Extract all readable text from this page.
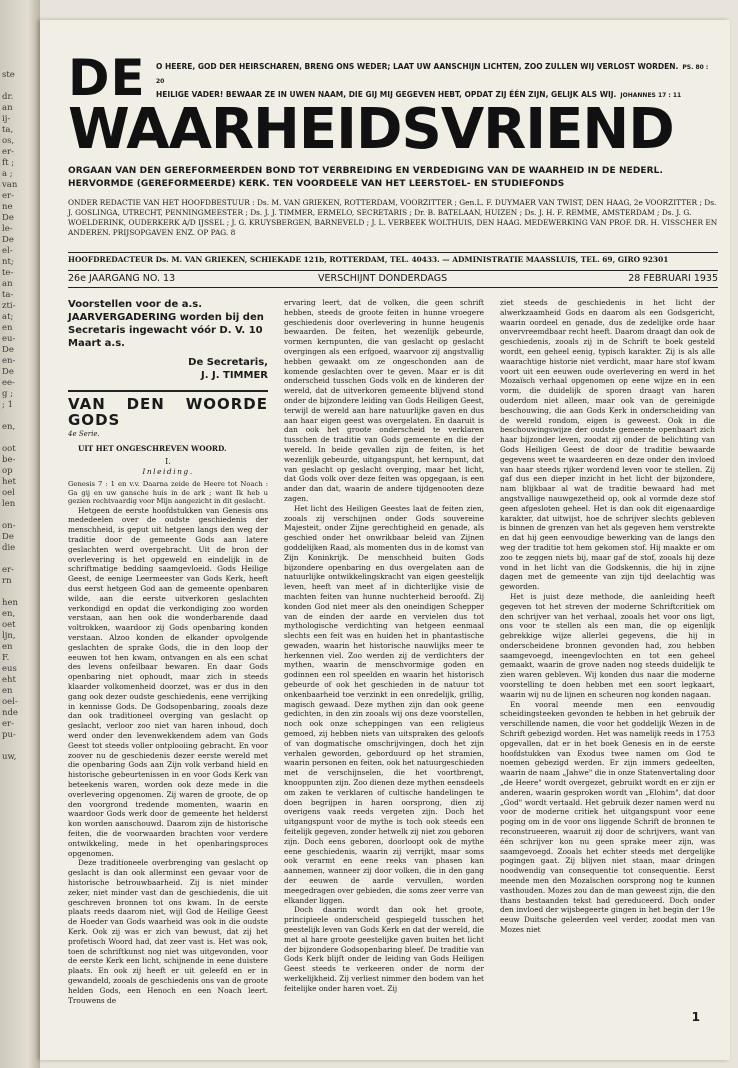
ste

dr.
an
ij-
ta,
os,
er-
ft ;
a ;
van
er-
ne
De
le-
De
el-
nt;
te-
an
ta-
zti-
at;
en
eu-
De
en-
De
ee-
g ;
; 1

en,

oot
be-
op
het
oel
len

on-
De
die

er-
rn

hen
en,
oet
ljn,
en
F.
eus
eht
en
oel-
nde
er-
pu-

uw,
DE O HEERE, GOD DER HEIRSCHAREN, BRENG ONS WEDER; LAAT UW AANSCHIJN LICHTEN, ZOO ZULLEN WIJ VERLOST WORDEN. PS. 80 : 20
HEILIGE VADER! BEWAAR ZE IN UWEN NAAM, DIE GIJ MIJ GEGEVEN HEBT, OPDAT ZIJ ÉÉN ZIJN, GELIJK ALS WIJ. JOHANNES 17 : 11
WAARHEIDSVRIEND
ORGAAN VAN DEN GEREFORMEERDEN BOND TOT VERBREIDING EN VERDEDIGING VAN DE WAARHEID IN DE NEDERL. HERVORMDE (GEREFORMEERDE) KERK. TEN VOORDEELE VAN HET LEERSTOEL- EN STUDIEFONDS
ONDER REDACTIE VAN HET HOOFDBESTUUR : Ds. M. VAN GRIEKEN, ROTTERDAM, VOORZITTER ; Gen.L. F. DUYMAER VAN TWIST, DEN HAAG, 2e VOORZITTER ; Ds. J. GOSLINGA, UTRECHT, PENNINGMEESTER ; Ds. J. J. TIMMER, ERMELO, SECRETARIS ; Dr. B. BATELAAN, HUIZEN ; Ds. J. H. F. REMME, AMSTERDAM ; Ds. J. G. WOELDERINK, OUDERKERK A/D IJSSEL ; J. G. KRUYSBERGEN, BARNEVELD ; J. L. VERBEEK WOLTHUIS, DEN HAAG. MEDEWERKING VAN PROF. DR. H. VISSCHER EN ANDEREN. PRIJSOPGAVEN ENZ. OP PAG. 8
HOOFDREDACTEUR Ds. M. VAN GRIEKEN, SCHIEKADE 121b, ROTTERDAM, TEL. 40433. — ADMINISTRATIE MAASSLUIS, TEL. 69, GIRO 92301
26e JAARGANG NO. 13	VERSCHIJNT DONDERDAGS	28 FEBRUARI 1935

Voorstellen voor de a.s. JAARVERGADERING worden bij den Secretaris ingewacht vóór D. V. 10 Maart a.s.

De Secretaris,
J. J. TIMMER
VAN DEN WOORDE GODS
4e Serie.
UIT HET ONGESCHREVEN WOORD.
I.
Inleiding.

Genesis 7 : 1 en v.v. Daarna zeide de Heere tot Noach : Ga gij en uw gansche huis in de ark ; want Ik heb u gezien rechtvaardig voor Mijn aangezicht in dit geslacht.

Hetgeen de eerste hoofdstukken van Genesis ons mededeelen over de oudste geschiedenis der menschheid, is geput uit hetgeen langs den weg der traditie door de gemeente Gods aan latere geslachten werd overgebracht. Uit de bron der overlevering is het opgeweld en eindelijk in de schriftmatige bedding saamgevloeid. Gods Heilige Geest, de eenige Leermeester van Gods Kerk, heeft dus eerst hetgeen God aan de gemeente openbaren wilde, aan die eerste uitverkoren geslachten verkondigd en opdat die verkondiging zoo worden verstaan, aan hen ook die wonderbarende daad voltrokken, waardoor zij Gods openbaring konden verstaan. Alzoo konden de elkander opvolgende geslachten de sprake Gods, die in den loop der eeuwen tot hen kwam, ontvangen en als een schat des levens onfeilbaar bewaren. En daar Gods openbaring niet ophoudt, maar zich in steeds klaarder volkomenheid doorzet, was er dus in den gang ook dezer oudste geschiedenis, eene verrijking in kennisse Gods. De Godsopenbaring, zooals deze dan ook traditioneel overging van geslacht op geslacht, verloor zoo niet van haren inhoud, doch werd onder den levenwekkendem adem van Gods Geest tot steeds voller ontplooiing gebracht. En voor zoover nu de geschiedenis dezer eerste wereld met die openbaring Gods aan Zijn volk verband hield en historische gebeurtenissen in en voor Gods Kerk van beteekenis waren, worden ook deze mede in die overlevering opgenomen. Zij waren de groote, de op den voorgrond tredende momenten, waarin en waardoor Gods werk door de gemeente het helderst kon worden aanschouwd. Daarom zijn de historische feiten, die de voorwaarden brachten voor verdere ontwikkeling, mede in het openbaringsproces opgenomen.

Deze traditioneele overbrenging van geslacht op geslacht is dan ook allerminst een gevaar voor de historische betrouwbaarheid. Zij is niet minder zeker, niet minder vast dan de geschiedenis, die uit geschreven bronnen tot ons kwam. In de eerste plaats reeds daarom niet, wijl God de Heilige Geest de Hoeder van Gods waarheid was ook in die oudste Kerk. Ook zij was er zich van bewust, dat zij het profetisch Woord had, dat zeer vast is. Het was ook, toen de schriftkunst nog niet was uitgevonden, voor de eerste Kerk een licht, schijnende in eene duistere plaats. En ook zij heeft er uit geleefd en er in gewandeld, zooals de geschiedenis ons van de groote helden Gods, een Henoch en een Noach leert. Trouwens de

ervaring leert, dat de volken, die geen schrift hebben, steeds de groote feiten in hunne vroegere geschiedenis door overlevering in hunne heugenis bewaarden. De feiten, het wezenlijk gebeurde, vormen kernpunten, die van geslacht op geslacht overgingen als een erfgoed, waarvoor zij angstvallig hebben gewaakt om ze ongeschonden aan de komende geslachten over te geven. Maar er is dit onderscheid tusschen Gods volk en de kinderen der wereld, dat de uitverkoren gemeente blijvend stond onder de bijzondere leiding van Gods Heiligen Geest, terwijl de wereld aan hare natuurlijke gaven en dus aan haar eigen geest was overgelaten. En daaruit is dan ook het groote onderscheid te verklaren tusschen de traditie van Gods gemeente en die der wereld. In beide gevallen zijn de feiten, is het wezenlijk gebeurde, uitgangspunt, het kernpunt, dat van geslacht op geslacht overging, maar het licht, dat Gods volk over deze feiten was opgegaan, is een ander dan dat, waarin de andere tijdgenooten deze zagen.

Het licht des Heiligen Geestes laat de feiten zien, zooals zij verschijnen onder Gods souvereine Majesteit, onder Zijne gerechtigheid en genade, als geschied onder het onwrikbaar beleid van Zijnen goddelijken Raad, als momenten dus in de komst van Zijn Koninkrijk. De menschheid buiten Gods bijzondere openbaring en dus overgelaten aan de natuurlijke ontwikkelingskracht van eigen geestelijk leven, heeft van meet af in dichterlijke visie de machten feiten van hunne nuchterheid beroofd. Zij konden God niet meer als den oneindigen Schepper van de einden der aarde en vervielen dus tot mythologische verdichting van hetgeen eenmaal slechts een feit was en huiden het in phantastische gewaden, waarin het historische nauwlijks meer te herkennen viel. Zoo werden zij de verdichters der mythen, waarin de menschvormige goden en godinnen een rol speelden en waarin het historisch gebeurde of ook het geschieden in de natuur tot onkenbaarheid toe verzinkt in een onredelijk, grillig, magisch gewaad. Deze mythen zijn dan ook geene gedichten, in den zin zooals wij ons deze voorstellen, noch ook onze scheppingen van een religieus gemoed, zij hebben niets van uitspraken des geloofs of van dogmatische omschrijvingen, doch het zijn verhalen geworden, geborduurd op het stramien, waarin personen en feiten, ook het natuurgeschieden met de verschijnselen, die het voortbrengt, knooppunten zijn. Zoo dienen deze mythen eensdeels om zaken te verklaren of cultische handelingen te doen begrijpen in haren oorsprong, dien zij overigens vaak reeds vergeten zijn. Doch het uitgangspunt voor de mythe is toch ook steeds een feitelijk gegeven, zonder hetwelk zij niet zou geboren zijn. Doch eens geboren, doorloopt ook de mythe eene geschiedenis, waarin zij verrijkt, maar soms ook verarmt en eene reeks van phasen kan aannemen, wanneer zij door volken, die in den gang der eeuwen de aarde vervullen, worden meegedragen over gebieden, die soms zeer verre van elkander liggen.

Doch daarin wordt dan ook het groote, principieele onderscheid gespiegeld tusschen het geestelijk leven van Gods Kerk en dat der wereld, die met al hare groote geestelijke gaven buiten het licht der bijzondere Godsopenbaring bleef. De traditie van Gods Kerk blijft onder de leiding van Gods Heiligen Geest steeds te verkeeren onder de norm der werkelijkheid. Zij verliest nimmer den bodem van het feitelijke onder haren voet. Zij

ziet steeds de geschiedenis in het licht der alwerkzaamheid Gods en daarom als een Godsgericht, waarin oordeel en genade, dus de zedelijke orde haar onvervreemdbaar recht heeft. Daarom draagt dan ook de geschiedenis, zooals zij in de Schrift te boek gesteld wordt, een geheel eenig, typisch karakter. Zij is als alle waarachtige historie niet verdicht, maar hare stof kwam voort uit een eeuwen oude overlevering en werd in het Mozaïsch verhaal opgenomen op eene wijze en in een vorm, die duidelijk de sporen draagt van haren ouderdom niet alleen, maar ook van de gereinigde beschouwing, die aan Gods Kerk in onderscheiding van de wereld rondom, eigen is geweest. Ook in die beschouwingswijze der oudste gemeente openbaart zich haar bijzonder leven, zoodat zij onder de belichting van Gods Heiligen Geest de door de traditie bewaarde gegevens weet te waardeeren en deze onder den invloed van haar steeds rijker wordend leven voor te stellen. Zij gaf dus een dieper inzicht in het licht der bijzondere, nam blijkbaar al wat de traditie bewaard had met angstvallige nauwgezetheid op, ook al vormde deze stof geen afgesloten geheel. Het is dan ook dit eigenaardige karakter, dat uitwijst, hoe de schrijver slechts gebleven is binnen de grenzen van het als gegeven hem verstrekte en dat hij geen eenvoudige bewerking van de langs den weg der traditie tot hem gekomen stof. Hij maakte er om zoo te zeggen niets bij, maar gaf de stof, zooals hij deze vond in het licht van die Godskennis, die hij in zijne dagen met de gemeente van zijn tijd deelachtig was geworden.

Het is juist deze methode, die aanleiding heeft gegeven tot het streven der moderne Schriftcritiek om den schrijver van het verhaal, zooals het voor ons ligt, ons voor te stellen als een man, die op eigenlijk gebrekkige wijze allerlei gegevens, die hij in onderscheidene bronnen gevonden had, zou hebben saamgevoegd, ineengevlochten en tot een geheel gemaakt, waarin de grove naden nog steeds duidelijk te zien waren gebleven. Wij konden dus naar die moderne voorstelling te doen hebben met een soort legkaart, waarin wij nu de lijnen en scheuren nog konden nagaan.

En vooral meende men een eenvoudig scheidingsteeken gevonden te hebben in het gebruik der verschillende namen, die voor het goddelijk Wezen in de Schrift gebezigd worden. Het was namelijk reeds in 1753 opgevallen, dat er in het boek Genesis en in de eerste hoofdstukken van Exodus twee namen om God te noemen gebezigd werden. Er zijn immers gedeelten, waarin de naam „Jahwe" die in onze Statenvertaling door „de Heere" wordt overgezet, gebruikt wordt en er zijn er anderen, waarin gesproken wordt van „Elohim", dat door „God" wordt vertaald. Het gebruik dezer namen werd nu voor de moderne critiek het uitgangspunt voor eene poging om in de voor ons liggende Schrift de bronnen te reconstrueeren, waaruit zij door de schrijvers, want van één schrijver kon nu geen sprake meer zijn, was saamgevoegd. Zooals het echter steeds met dergelijke pogingen gaat. Zij blijven niet staan, maar dringen noodwendig van consequentie tot consequentie. Eerst meende men den Mozaïschen oorsprong nog te kunnen vasthouden. Mozes zou dan de man geweest zijn, die den thans bestaanden tekst had gereduceerd. Doch onder den invloed der wijsbegeerte gingen in het begin der 19e eeuw Duitsche geleerden veel verder, zoodat men van Mozes niet

1
